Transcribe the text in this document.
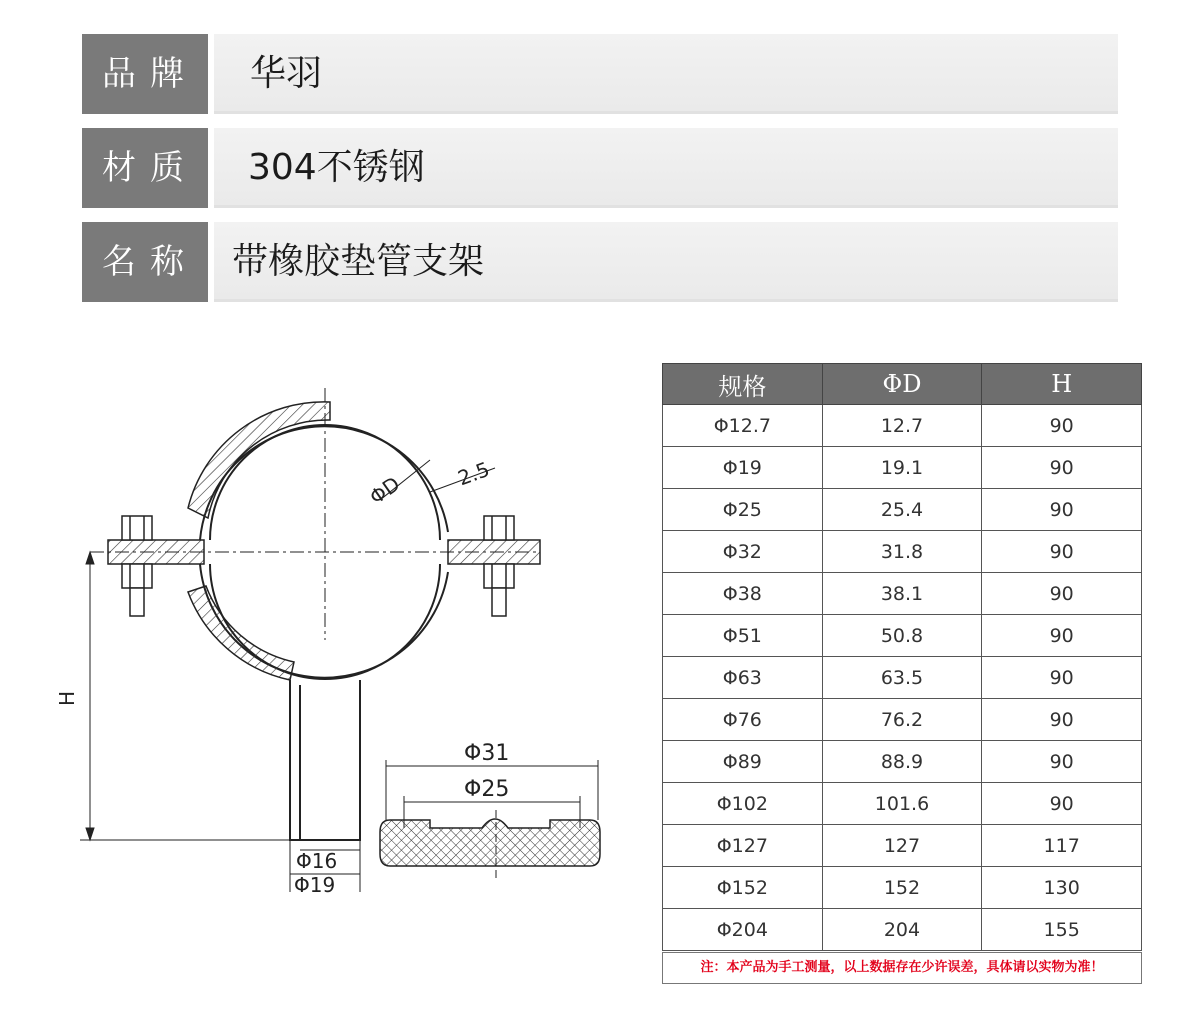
品牌	华羽
材质	304不锈钢
名称 带橡胶垫管支架
H
ΦD	2.5
Φ16
Φ19
Φ31
Φ25
规格	ΦD	H
Φ12.7	12.7	90
Φ19	19.1	90
Φ25	25.4	90
Φ32	31.8	90
Φ38	38.1	90
Φ51	50.8	90
Φ63	63.5	90
Φ76	76.2	90
Φ89	88.9	90
Φ102	101.6	90
Φ127	127	117
Φ152	152	130
Φ204	204	155
注：本产品为手工测量，以上数据存在少许误差，具体请以实物为准！
